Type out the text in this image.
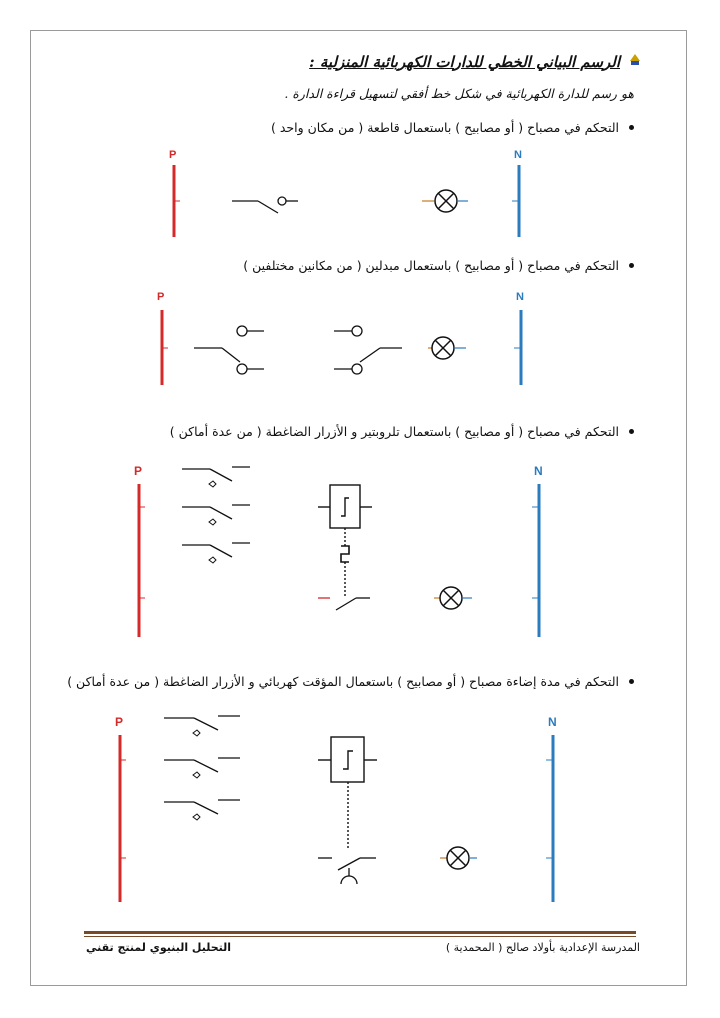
الرسم البياني الخطي للدارات الكهربائية المنزلية :
هو رسم للدارة الكهربائية في شكل خط أفقي لتسهيل قراءة الدارة .
التحكم في مصباح ( أو مصابيح ) باستعمال قاطعة ( من مكان واحد )
P	N
P	N
P	N
P	N
التحكم في مصباح ( أو مصابيح ) باستعمال مبدلين ( من مكانين مختلفين )
التحكم في مصباح ( أو مصابيح ) باستعمال تلروبتير و الأزرار الضاغطة ( من عدة أماكن )
التحكم في مدة إضاءة مصباح ( أو مصابيح ) باستعمال المؤقت كهربائي و الأزرار الضاغطة ( من عدة أماكن )
التحليل البنيوي لمنتج تقني	المدرسة الإعدادية بأولاد صالح ( المحمدية )
